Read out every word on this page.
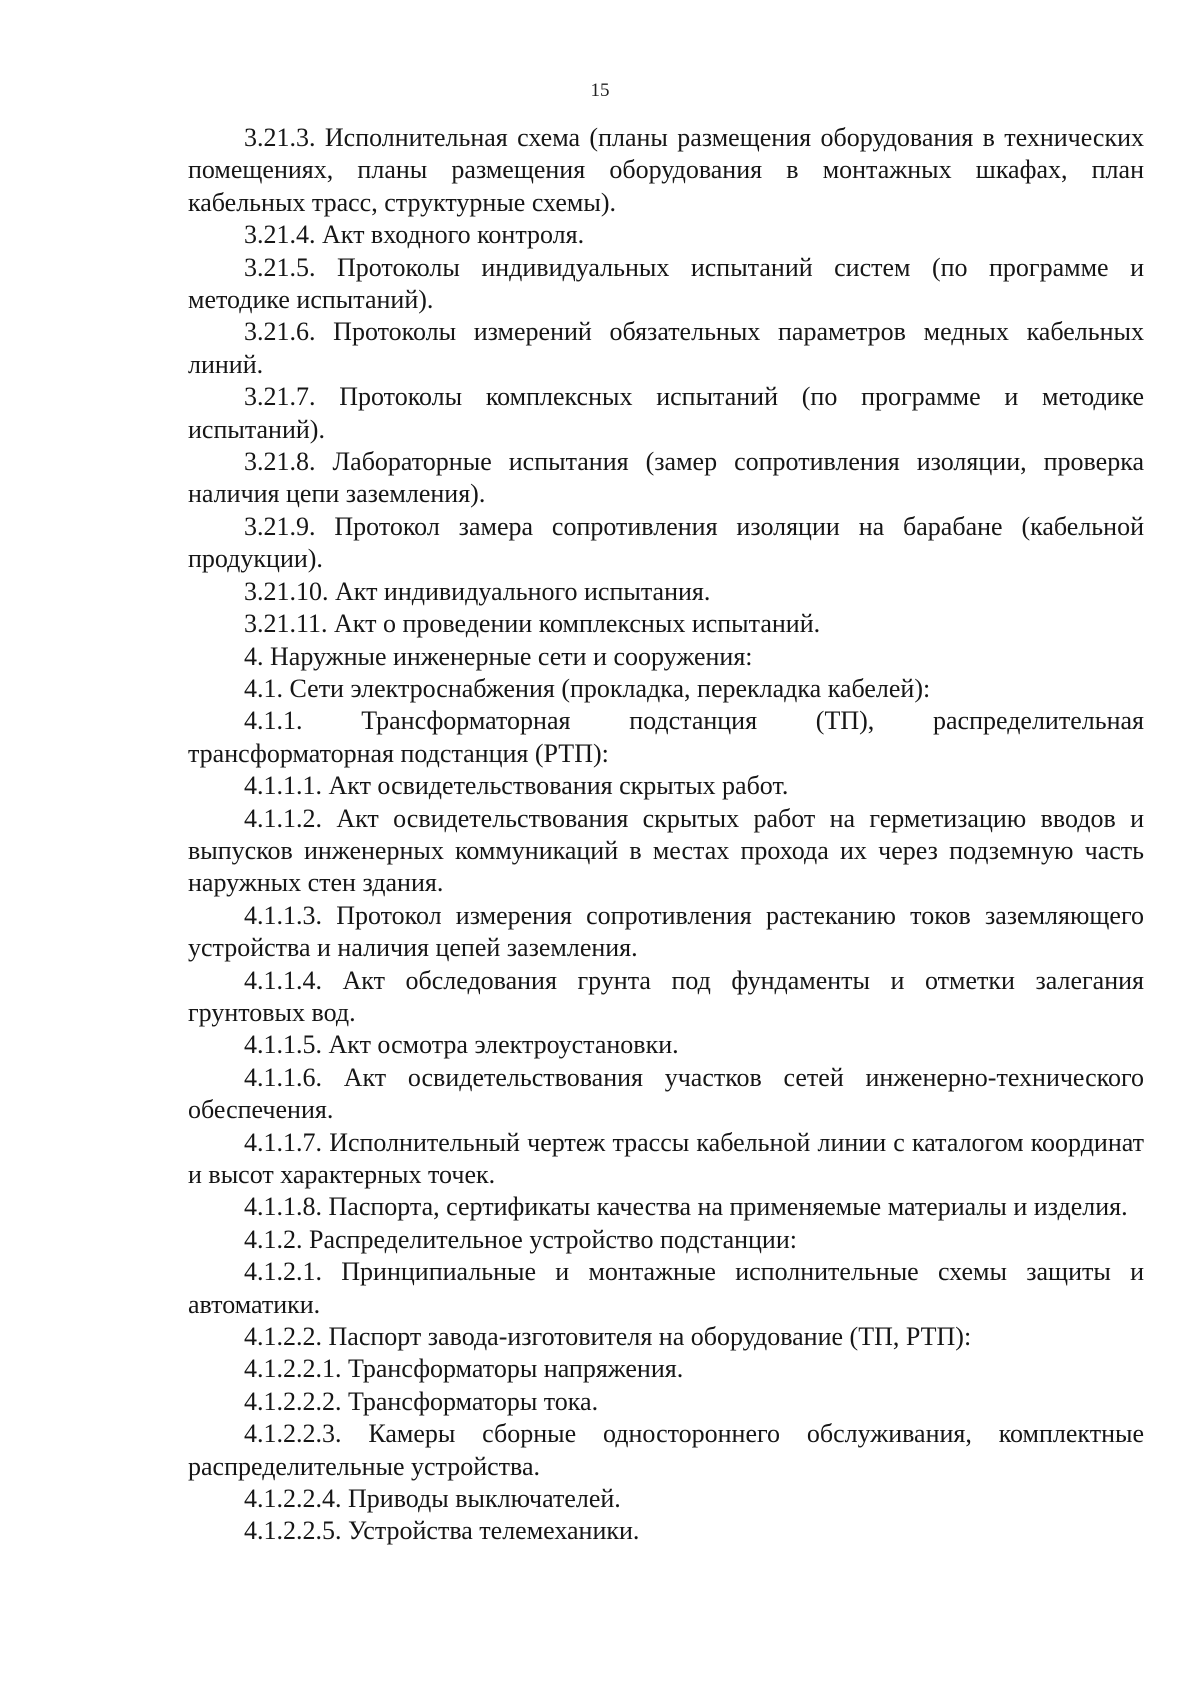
15

3.21.3. Исполнительная схема (планы размещения оборудования в технических помещениях, планы размещения оборудования в монтажных шкафах, план кабельных трасс, структурные схемы).

3.21.4. Акт входного контроля.

3.21.5. Протоколы индивидуальных испытаний систем (по программе и методике испытаний).

3.21.6. Протоколы измерений обязательных параметров медных кабельных линий.

3.21.7. Протоколы комплексных испытаний (по программе и методике испытаний).

3.21.8. Лабораторные испытания (замер сопротивления изоляции, проверка наличия цепи заземления).

3.21.9. Протокол замера сопротивления изоляции на барабане (кабельной продукции).

3.21.10. Акт индивидуального испытания.

3.21.11. Акт о проведении комплексных испытаний.

4. Наружные инженерные сети и сооружения:

4.1. Сети электроснабжения (прокладка, перекладка кабелей):

4.1.1. Трансформаторная подстанция (ТП), распределительная трансформаторная подстанция (РТП):

4.1.1.1. Акт освидетельствования скрытых работ.

4.1.1.2. Акт освидетельствования скрытых работ на герметизацию вводов и выпусков инженерных коммуникаций в местах прохода их через подземную часть наружных стен здания.

4.1.1.3. Протокол измерения сопротивления растеканию токов заземляющего устройства и наличия цепей заземления.

4.1.1.4. Акт обследования грунта под фундаменты и отметки залегания грунтовых вод.

4.1.1.5. Акт осмотра электроустановки.

4.1.1.6. Акт освидетельствования участков сетей инженерно-технического обеспечения.

4.1.1.7. Исполнительный чертеж трассы кабельной линии с каталогом координат и высот характерных точек.

4.1.1.8. Паспорта, сертификаты качества на применяемые материалы и изделия.

4.1.2. Распределительное устройство подстанции:

4.1.2.1. Принципиальные и монтажные исполнительные схемы защиты и автоматики.

4.1.2.2. Паспорт завода-изготовителя на оборудование (ТП, РТП):

4.1.2.2.1. Трансформаторы напряжения.

4.1.2.2.2. Трансформаторы тока.

4.1.2.2.3. Камеры сборные одностороннего обслуживания, комплектные распределительные устройства.

4.1.2.2.4. Приводы выключателей.

4.1.2.2.5. Устройства телемеханики.
